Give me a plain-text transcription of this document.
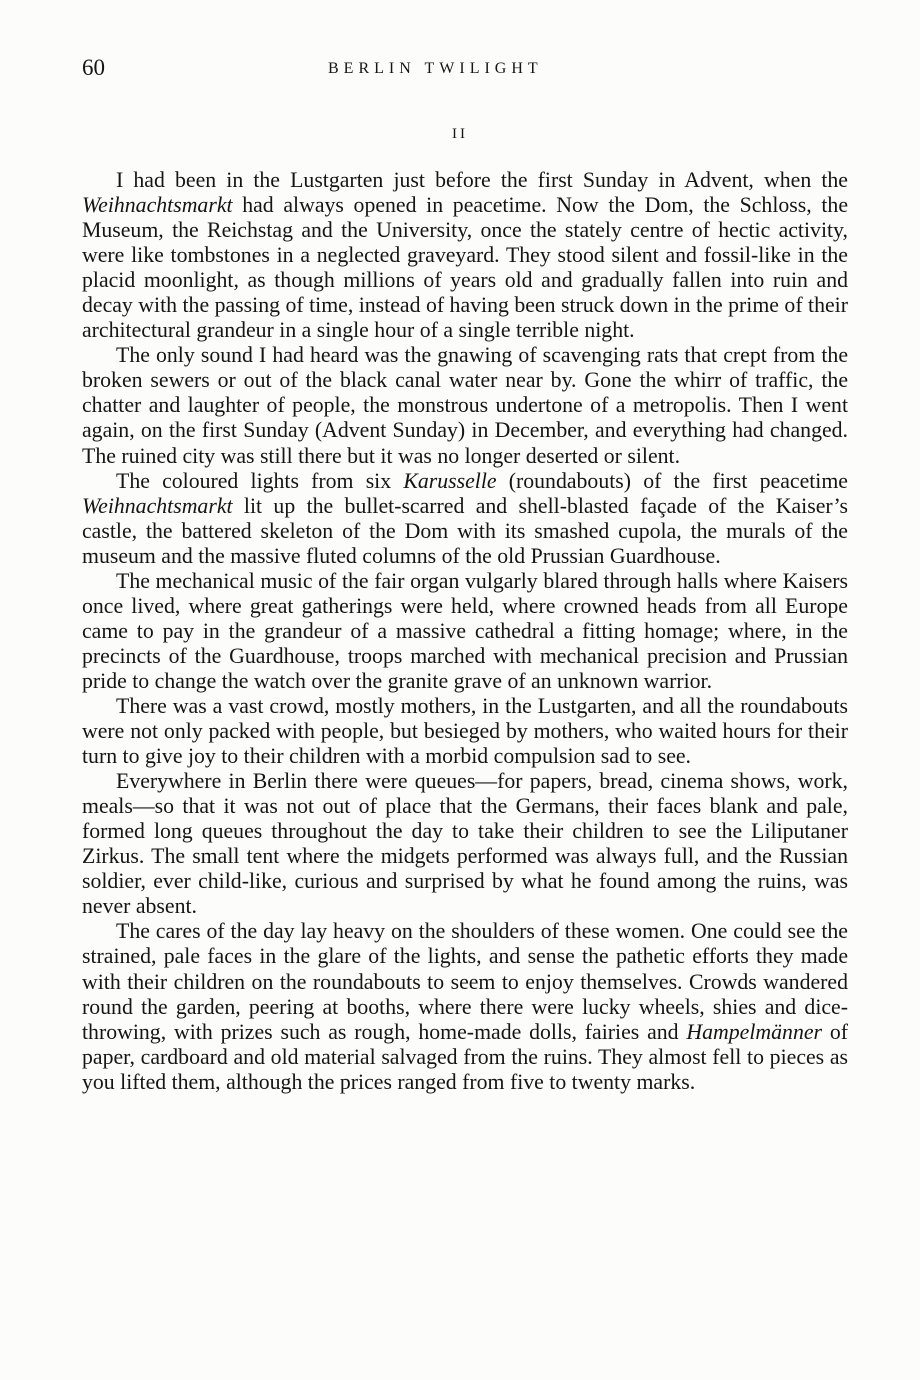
60	BERLIN TWILIGHT
II

I had been in the Lustgarten just before the first Sunday in Advent, when the Weihnachtsmarkt had always opened in peacetime. Now the Dom, the Schloss, the Museum, the Reichstag and the University, once the stately centre of hectic activity, were like tombstones in a neglected graveyard. They stood silent and fossil-like in the placid moonlight, as though millions of years old and gradually fallen into ruin and decay with the passing of time, instead of having been struck down in the prime of their architectural grandeur in a single hour of a single terrible night.

The only sound I had heard was the gnawing of scavenging rats that crept from the broken sewers or out of the black canal water near by. Gone the whirr of traffic, the chatter and laughter of people, the monstrous undertone of a metropolis. Then I went again, on the first Sunday (Advent Sunday) in December, and everything had changed. The ruined city was still there but it was no longer deserted or silent.

The coloured lights from six Karusselle (roundabouts) of the first peacetime Weihnachtsmarkt lit up the bullet-scarred and shell-blasted façade of the Kaiser’s castle, the battered skeleton of the Dom with its smashed cupola, the murals of the museum and the massive fluted columns of the old Prussian Guardhouse.

The mechanical music of the fair organ vulgarly blared through halls where Kaisers once lived, where great gatherings were held, where crowned heads from all Europe came to pay in the grandeur of a massive cathedral a fitting homage; where, in the precincts of the Guardhouse, troops marched with mechanical precision and Prussian pride to change the watch over the granite grave of an unknown warrior.

There was a vast crowd, mostly mothers, in the Lustgarten, and all the roundabouts were not only packed with people, but besieged by mothers, who waited hours for their turn to give joy to their children with a morbid compulsion sad to see.

Everywhere in Berlin there were queues—for papers, bread, cinema shows, work, meals—so that it was not out of place that the Germans, their faces blank and pale, formed long queues throughout the day to take their children to see the Liliputaner Zirkus. The small tent where the midgets performed was always full, and the Russian soldier, ever child-like, curious and surprised by what he found among the ruins, was never absent.

The cares of the day lay heavy on the shoulders of these women. One could see the strained, pale faces in the glare of the lights, and sense the pathetic efforts they made with their children on the roundabouts to seem to enjoy themselves. Crowds wandered round the garden, peering at booths, where there were lucky wheels, shies and dice-throwing, with prizes such as rough, home-made dolls, fairies and Hampelmänner of paper, cardboard and old material salvaged from the ruins. They almost fell to pieces as you lifted them, although the prices ranged from five to twenty marks.
